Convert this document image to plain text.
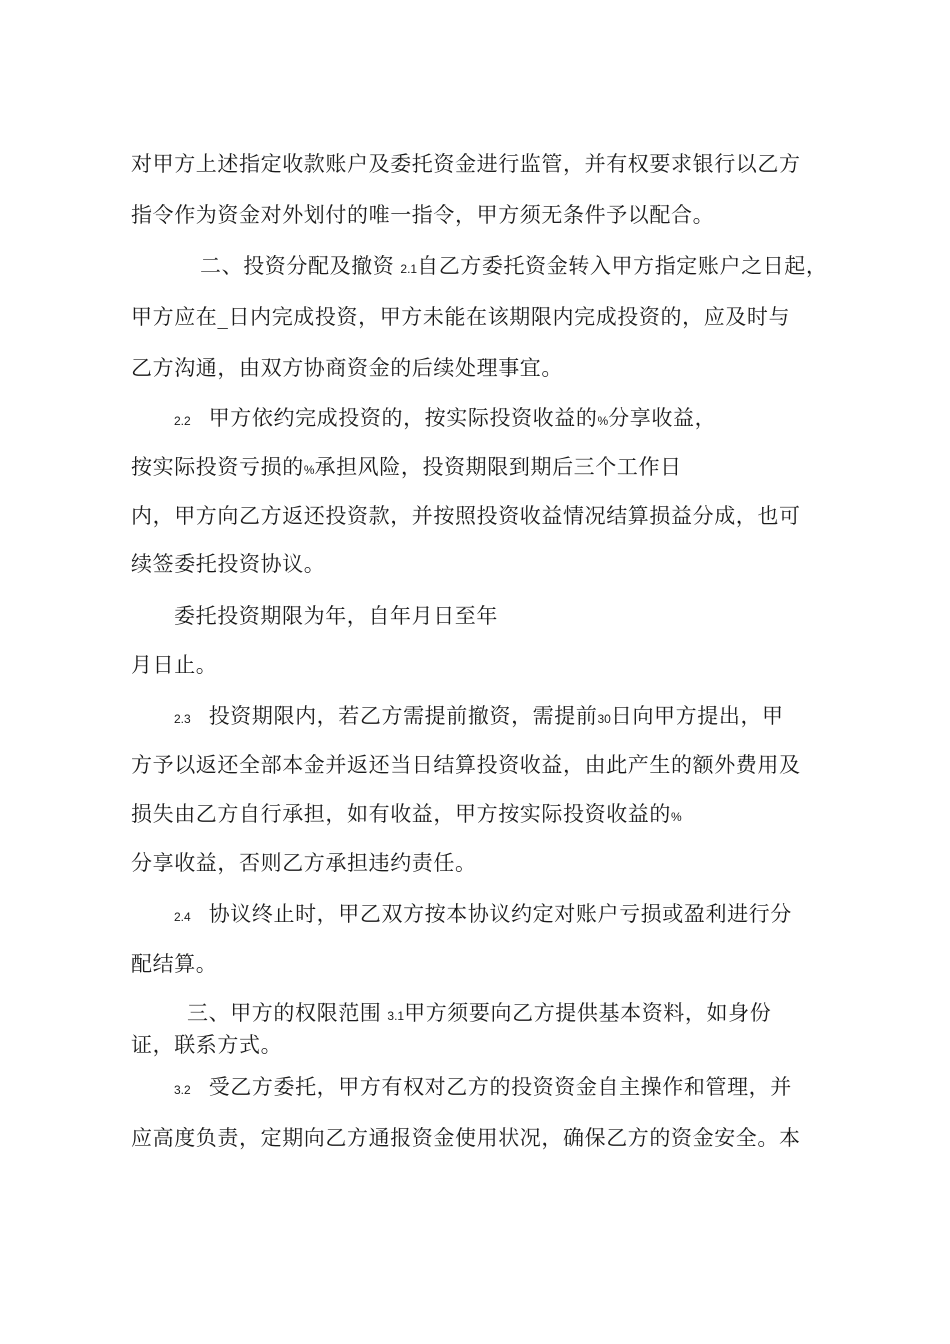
对甲方上述指定收款账户及委托资金进行监管，并有权要求银行以乙方
指令作为资金对外划付的唯一指令，甲方须无条件予以配合。
二、投资分配及撤资 2.1自乙方委托资金转入甲方指定账户之日起，
甲方应在_日内完成投资，甲方未能在该期限内完成投资的，应及时与
乙方沟通，由双方协商资金的后续处理事宜。
2.2 甲方依约完成投资的，按实际投资收益的%分享收益，
按实际投资亏损的%承担风险，投资期限到期后三个工作日
内，甲方向乙方返还投资款，并按照投资收益情况结算损益分成，也可
续签委托投资协议。
委托投资期限为年，自年月日至年
月日止。
2.3 投资期限内，若乙方需提前撤资，需提前30日向甲方提出，甲
方予以返还全部本金并返还当日结算投资收益，由此产生的额外费用及
损失由乙方自行承担，如有收益，甲方按实际投资收益的%
分享收益，否则乙方承担违约责任。
2.4 协议终止时，甲乙双方按本协议约定对账户亏损或盈利进行分
配结算。
三、甲方的权限范围 3.1甲方须要向乙方提供基本资料，如身份
证，联系方式。
3.2 受乙方委托，甲方有权对乙方的投资资金自主操作和管理，并
应高度负责，定期向乙方通报资金使用状况，确保乙方的资金安全。本
